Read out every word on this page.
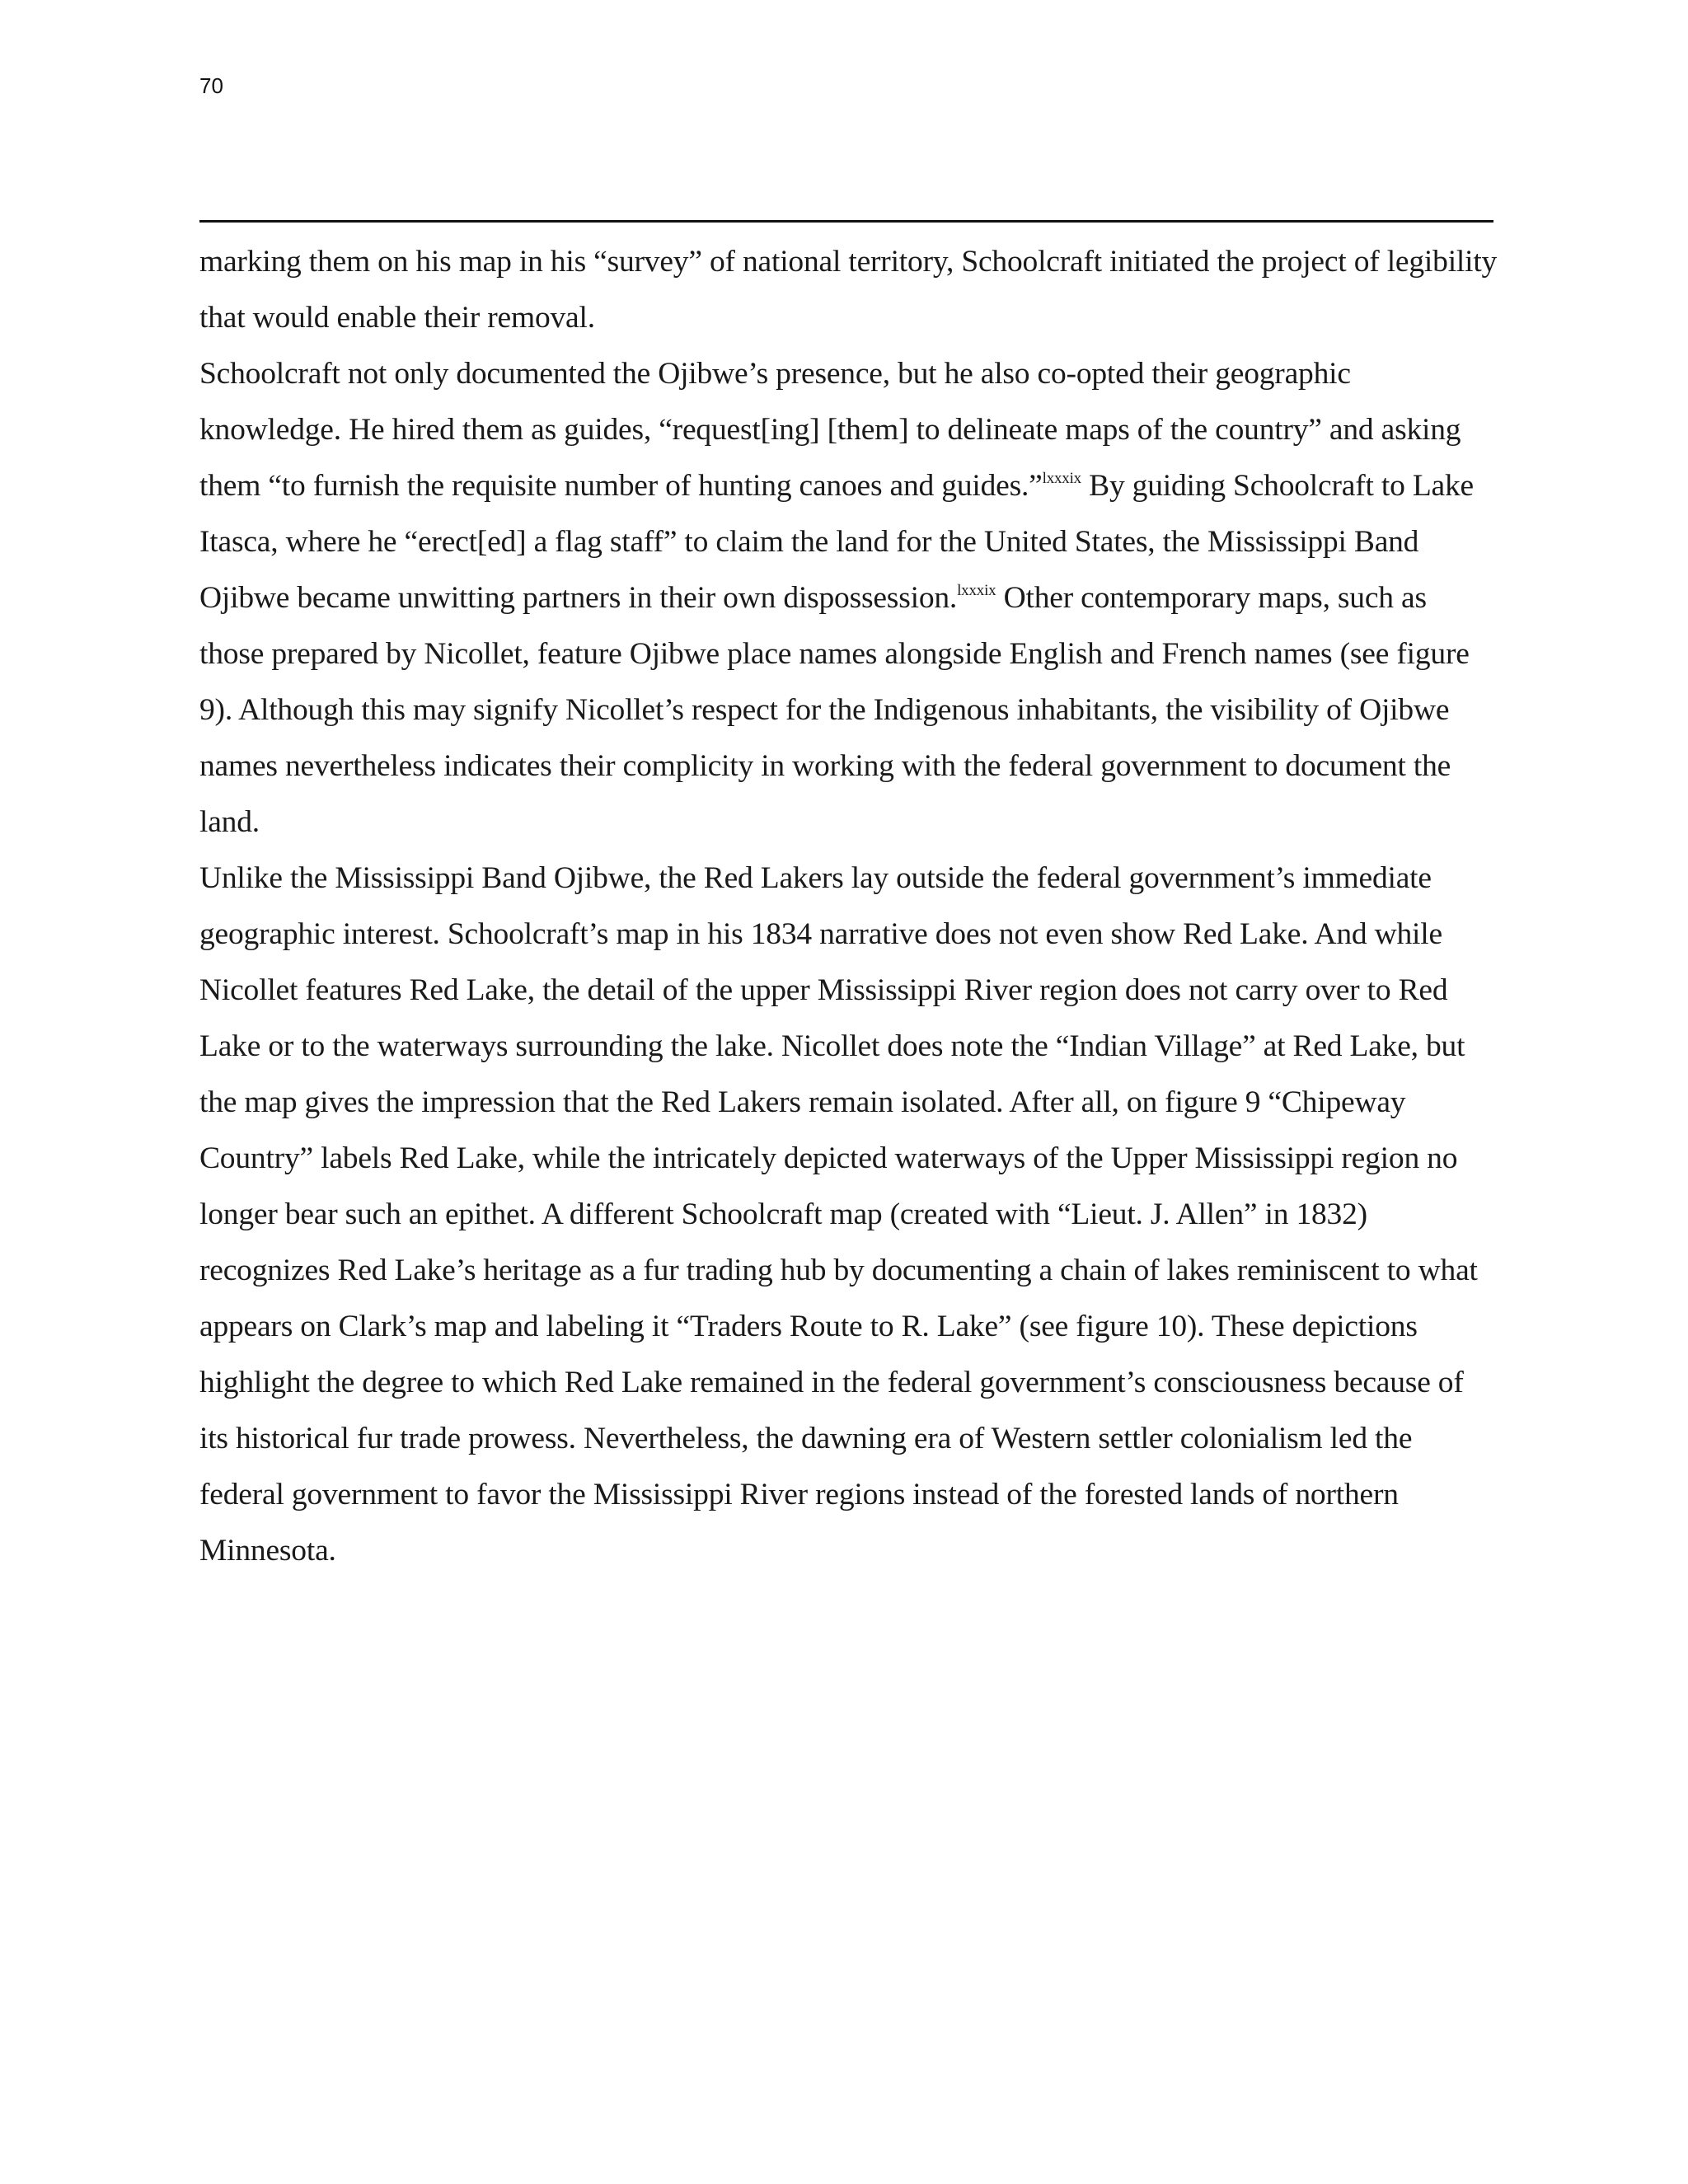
70

marking them on his map in his “survey” of national territory, Schoolcraft initiated the project of legibility that would enable their removal.

Schoolcraft not only documented the Ojibwe’s presence, but he also co-opted their geographic knowledge. He hired them as guides, “request[ing] [them] to delineate maps of the country” and asking them “to furnish the requisite number of hunting canoes and guides.”$^{lxxxix}$ By guiding Schoolcraft to Lake Itasca, where he “erect[ed] a flag staff” to claim the land for the United States, the Mississippi Band Ojibwe became unwitting partners in their own dispossession.$^{lxxxix}$ Other contemporary maps, such as those prepared by Nicollet, feature Ojibwe place names alongside English and French names (see figure 9). Although this may signify Nicollet’s respect for the Indigenous inhabitants, the visibility of Ojibwe names nevertheless indicates their complicity in working with the federal government to document the land.

Unlike the Mississippi Band Ojibwe, the Red Lakers lay outside the federal government’s immediate geographic interest. Schoolcraft’s map in his 1834 narrative does not even show Red Lake. And while Nicollet features Red Lake, the detail of the upper Mississippi River region does not carry over to Red Lake or to the waterways surrounding the lake. Nicollet does note the “Indian Village” at Red Lake, but the map gives the impression that the Red Lakers remain isolated. After all, on figure 9 “Chipeway Country” labels Red Lake, while the intricately depicted waterways of the Upper Mississippi region no longer bear such an epithet. A different Schoolcraft map (created with “Lieut. J. Allen” in 1832) recognizes Red Lake’s heritage as a fur trading hub by documenting a chain of lakes reminiscent to what appears on Clark’s map and labeling it “Traders Route to R. Lake” (see figure 10). These depictions highlight the degree to which Red Lake remained in the federal government’s consciousness because of its historical fur trade prowess. Nevertheless, the dawning era of Western settler colonialism led the federal government to favor the Mississippi River regions instead of the forested lands of northern Minnesota.
